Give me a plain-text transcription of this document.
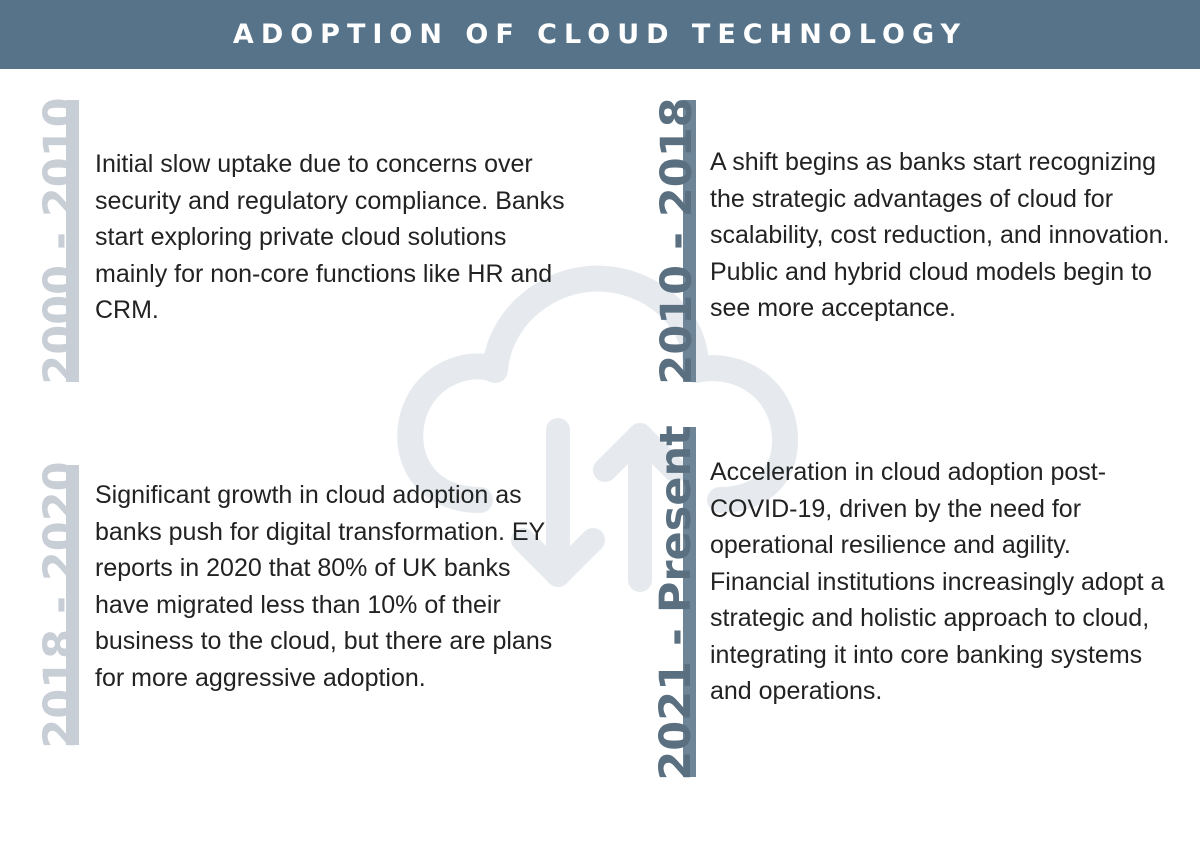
ADOPTION OF CLOUD TECHNOLOGY
2000 - 2010 Initial slow uptake due to concerns over security and regulatory compliance. Banks start exploring private cloud solutions mainly for non-core functions like HR and CRM.	2010 - 2018 A shift begins as banks start recognizing the strategic advantages of cloud for scalability, cost reduction, and innovation. Public and hybrid cloud models begin to see more acceptance.

2018 - 2020 Significant growth in cloud adoption as banks push for digital transformation. EY reports in 2020 that 80% of UK banks have migrated less than 10% of their business to the cloud, but there are plans for more aggressive adoption.	2021 - Present Acceleration in cloud adoption post-COVID-19, driven by the need for operational resilience and agility. Financial institutions increasingly adopt a strategic and holistic approach to cloud, integrating it into core banking systems and operations.
